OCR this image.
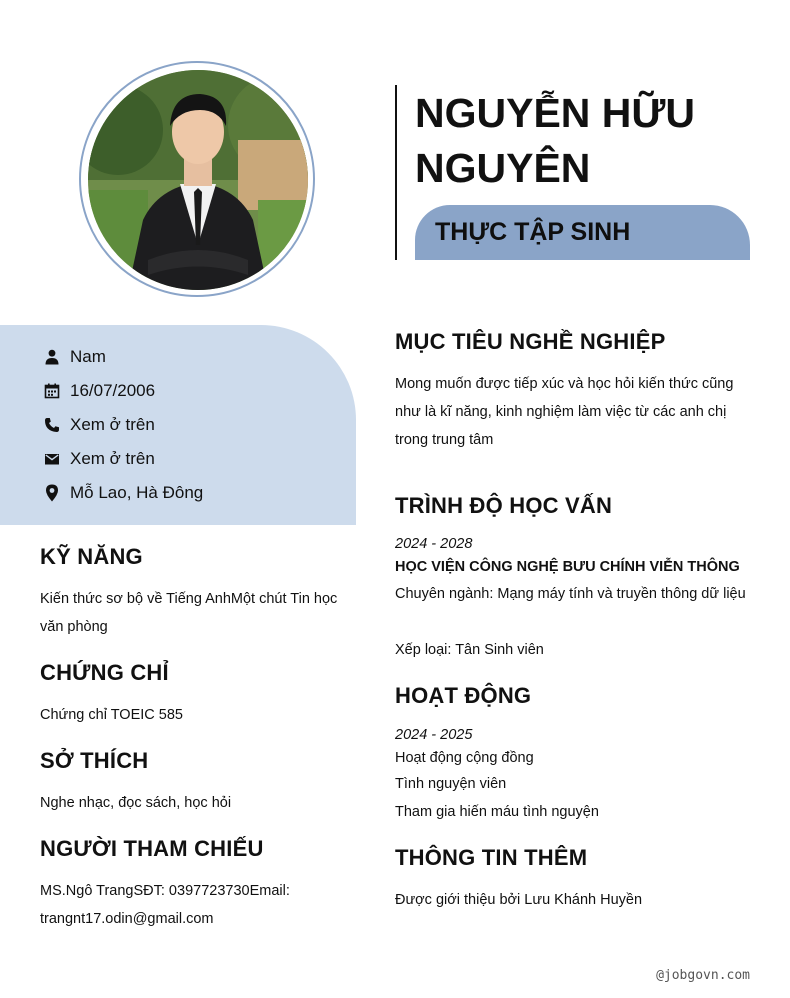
NGUYỄN HỮU
NGUYÊN
THỰC TẬP SINH
Nam
16/07/2006
Xem ở trên
Xem ở trên
Mỗ Lao, Hà Đông
KỸ NĂNG
Kiến thức sơ bộ về Tiếng AnhMột chút Tin học văn phòng
CHỨNG CHỈ
Chứng chỉ TOEIC 585
SỞ THÍCH
Nghe nhạc, đọc sách, học hỏi
NGƯỜI THAM CHIẾU
MS.Ngô TrangSĐT: 0397723730Email: trangnt17.odin@gmail.com
MỤC TIÊU NGHỀ NGHIỆP
Mong muốn được tiếp xúc và học hỏi kiến thức cũng như là kĩ năng, kinh nghiệm làm việc từ các anh chị trong trung tâm
TRÌNH ĐỘ HỌC VẤN
2024 - 2028
HỌC VIỆN CÔNG NGHỆ BƯU CHÍNH VIỄN THÔNG
Chuyên ngành: Mạng máy tính và truyền thông dữ liệu
Xếp loại: Tân Sinh viên
HOẠT ĐỘNG
2024 - 2025
Hoạt động cộng đồng
Tình nguyện viên
Tham gia hiến máu tình nguyện
THÔNG TIN THÊM
Được giới thiệu bởi Lưu Khánh Huyền
@jobgovn.com
